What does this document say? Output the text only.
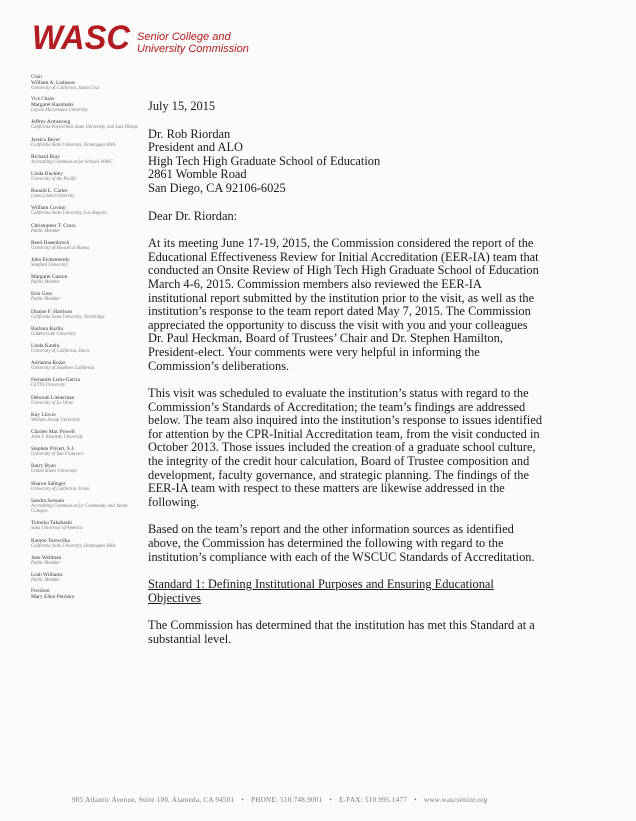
WASC Senior College and
University Commission
Chair
William A. Ladusaw
University of California, Santa Cruz
Vice Chairs
Margaret Kasimatis
Loyola Marymount University
Jeffrey Armstrong
California Polytechnic State University, San Luis Obispo
Jessica Beyer
California State University, Dominguez Hills
Richard Bray
Accrediting Commission for Schools WASC
Linda Buckley
University of the Pacific
Ronald L. Carter
Loma Linda University
William Covino
California State University, Los Angeles
Christopher T. Cross
Public Member
Reed Dasenbrock
University of Hawaii at Manoa
John Etchemendy
Stanford University
Margaret Gaston
Public Member
Erin Gore
Public Member
Dianne F. Harrison
California State University, Northridge
Barbara Karlin
Golden Gate University
Linda Katehi
University of California, Davis
Adrianna Kezar
University of Southern California
Fernando León-García
CETYS University
Deborah Lieberman
University of La Verne
Kay Llovio
William Jessup University
Charles Mac Powell
John F. Kennedy University
Stephen Privett, S.J.
University of San Francisco
Barry Ryan
United States University
Sharon Salinger
University of California, Irvine
Sandra Serrano
Accrediting Commission for Community and Junior Colleges
Tomoko Takahashi
Soka University of America
Ramon Torrecilha
California State University, Dominguez Hills
Jane Wellman
Public Member
Leah Williams
Public Member
President
Mary Ellen Petrisko

July 15, 2015

Dr. Rob Riordan
President and ALO
High Tech High Graduate School of Education
2861 Womble Road
San Diego, CA 92106-6025

Dear Dr. Riordan:

At its meeting June 17-19, 2015, the Commission considered the report of the Educational Effectiveness Review for Initial Accreditation (EER-IA) team that conducted an Onsite Review of High Tech High Graduate School of Education March 4-6, 2015. Commission members also reviewed the EER-IA institutional report submitted by the institution prior to the visit, as well as the institution’s response to the team report dated May 7, 2015. The Commission appreciated the opportunity to discuss the visit with you and your colleagues Dr. Paul Heckman, Board of Trustees’ Chair and Dr. Stephen Hamilton, President-elect. Your comments were very helpful in informing the Commission’s deliberations.

This visit was scheduled to evaluate the institution’s status with regard to the Commission’s Standards of Accreditation; the team’s findings are addressed below. The team also inquired into the institution’s response to issues identified for attention by the CPR-Initial Accreditation team, from the visit conducted in October 2013. Those issues included the creation of a graduate school culture, the integrity of the credit hour calculation, Board of Trustee composition and development, faculty governance, and strategic planning. The findings of the EER-IA team with respect to these matters are likewise addressed in the following.

Based on the team’s report and the other information sources as identified above, the Commission has determined the following with regard to the institution’s compliance with each of the WSCUC Standards of Accreditation.

Standard 1: Defining Institutional Purposes and Ensuring Educational Objectives

The Commission has determined that the institution has met this Standard at a substantial level.

985 Atlantic Avenue, Suite 100, Alameda, CA 94501 • PHONE: 510.748.9001 • E-FAX: 510.995.1477 • www.wascsenior.org
